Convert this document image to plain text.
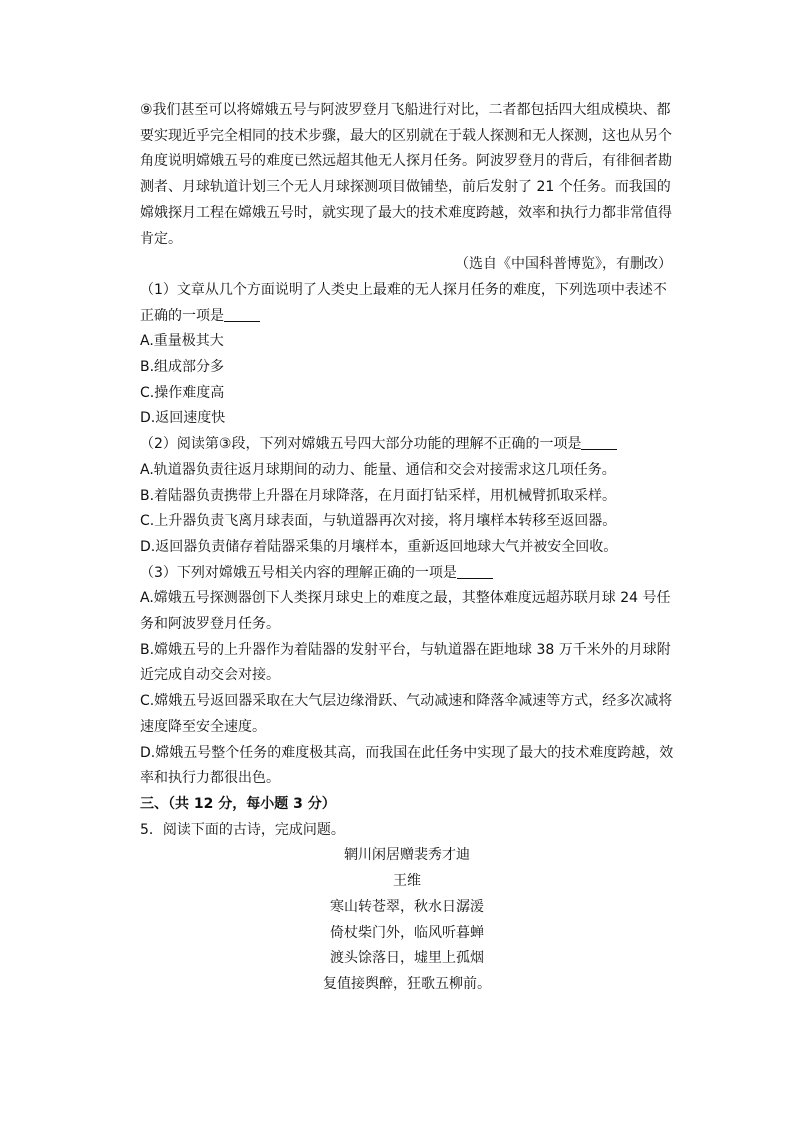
⑨我们甚至可以将嫦娥五号与阿波罗登月飞船进行对比，二者都包括四大组成模块、都要实现近乎完全相同的技术步骤，最大的区别就在于载人探测和无人探测，这也从另个角度说明嫦娥五号的难度已然远超其他无人探月任务。阿波罗登月的背后，有徘徊者勘测者、月球轨道计划三个无人月球探测项目做铺垫，前后发射了 21 个任务。而我国的嫦娥探月工程在嫦娥五号时，就实现了最大的技术难度跨越，效率和执行力都非常值得肯定。

（选自《中国科普博览》，有删改）

（1）文章从几个方面说明了人类史上最难的无人探月任务的难度，下列选项中表述不正确的一项是

A.重量极其大

B.组成部分多

C.操作难度高

D.返回速度快

（2）阅读第③段，下列对嫦娥五号四大部分功能的理解不正确的一项是

A.轨道器负责往返月球期间的动力、能量、通信和交会对接需求这几项任务。

B.着陆器负责携带上升器在月球降落，在月面打钻采样，用机械臂抓取采样。

C.上升器负责飞离月球表面，与轨道器再次对接，将月壤样本转移至返回器。

D.返回器负责储存着陆器采集的月壤样本，重新返回地球大气并被安全回收。

（3）下列对嫦娥五号相关内容的理解正确的一项是

A.嫦娥五号探测器创下人类探月球史上的难度之最，其整体难度远超苏联月球 24 号任务和阿波罗登月任务。

B.嫦娥五号的上升器作为着陆器的发射平台，与轨道器在距地球 38 万千米外的月球附近完成自动交会对接。

C.嫦娥五号返回器采取在大气层边缘滑跃、气动减速和降落伞减速等方式，经多次减将速度降至安全速度。

D.嫦娥五号整个任务的难度极其高，而我国在此任务中实现了最大的技术难度跨越，效率和执行力都很出色。

三、（共 12 分，每小题 3 分）

5．阅读下面的古诗，完成问题。

辋川闲居赠裴秀才迪

王维

寒山转苍翠，秋水日潺湲

倚杖柴门外，临风听暮蝉

渡头馀落日，墟里上孤烟

复值接舆醉，狂歌五柳前。
